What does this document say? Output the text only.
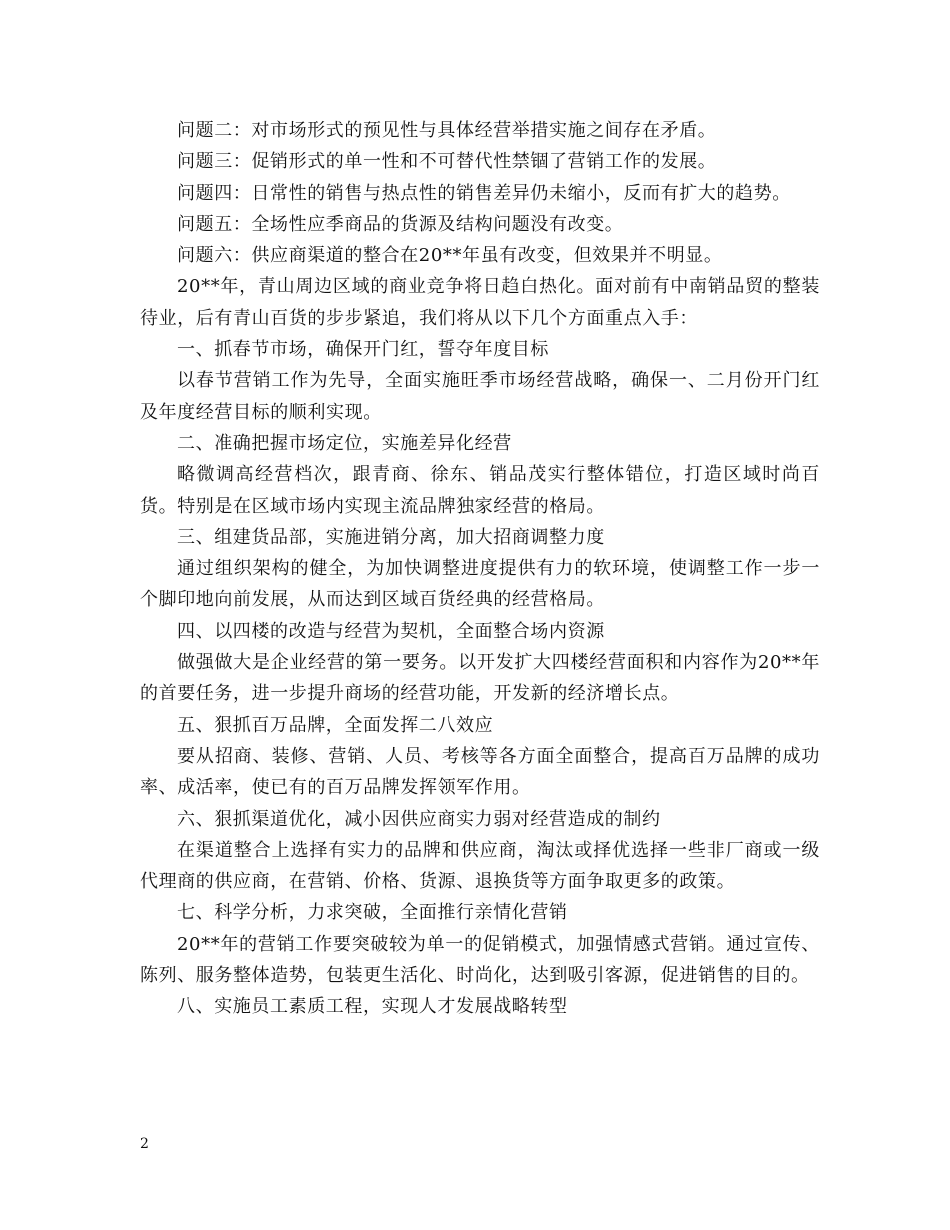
问题二：对市场形式的预见性与具体经营举措实施之间存在矛盾。

问题三：促销形式的单一性和不可替代性禁锢了营销工作的发展。

问题四：日常性的销售与热点性的销售差异仍未缩小，反而有扩大的趋势。

问题五：全场性应季商品的货源及结构问题没有改变。

问题六：供应商渠道的整合在20**年虽有改变，但效果并不明显。

20**年，青山周边区域的商业竞争将日趋白热化。面对前有中南销品贸的整装待业，后有青山百货的步步紧追，我们将从以下几个方面重点入手：

一、抓春节市场，确保开门红，誓夺年度目标

以春节营销工作为先导，全面实施旺季市场经营战略，确保一、二月份开门红及年度经营目标的顺利实现。

二、准确把握市场定位，实施差异化经营

略微调高经营档次，跟青商、徐东、销品茂实行整体错位，打造区域时尚百货。特别是在区域市场内实现主流品牌独家经营的格局。

三、组建货品部，实施进销分离，加大招商调整力度

通过组织架构的健全，为加快调整进度提供有力的软环境，使调整工作一步一个脚印地向前发展，从而达到区域百货经典的经营格局。

四、以四楼的改造与经营为契机，全面整合场内资源

做强做大是企业经营的第一要务。以开发扩大四楼经营面积和内容作为20**年的首要任务，进一步提升商场的经营功能，开发新的经济增长点。

五、狠抓百万品牌，全面发挥二八效应

要从招商、装修、营销、人员、考核等各方面全面整合，提高百万品牌的成功率、成活率，使已有的百万品牌发挥领军作用。

六、狠抓渠道优化，减小因供应商实力弱对经营造成的制约

在渠道整合上选择有实力的品牌和供应商，淘汰或择优选择一些非厂商或一级代理商的供应商，在营销、价格、货源、退换货等方面争取更多的政策。

七、科学分析，力求突破，全面推行亲情化营销

20**年的营销工作要突破较为单一的促销模式，加强情感式营销。通过宣传、陈列、服务整体造势，包装更生活化、时尚化，达到吸引客源，促进销售的目的。

八、实施员工素质工程，实现人才发展战略转型

2
